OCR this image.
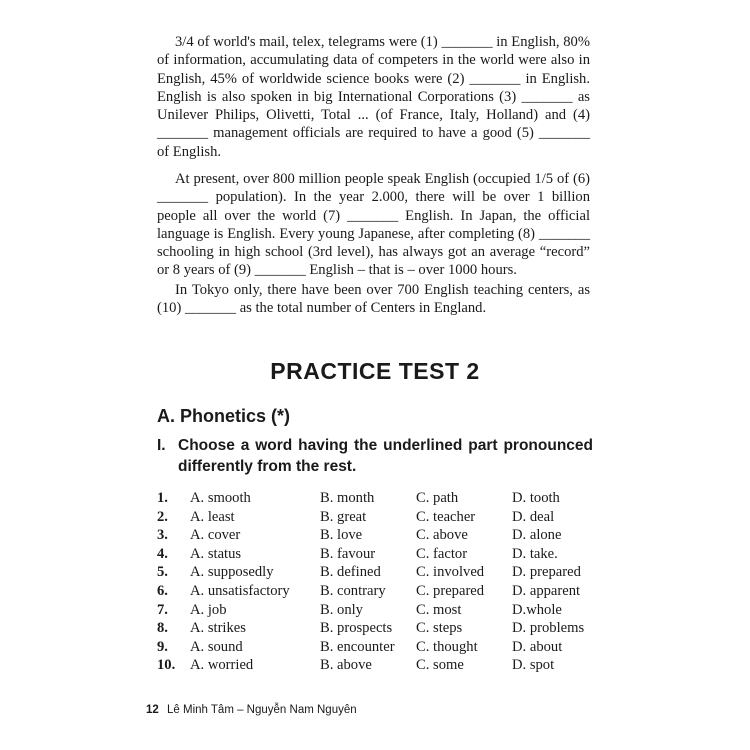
3/4 of world's mail, telex, telegrams were (1) _______ in English, 80% of information, accumulating data of competers in the world were also in English, 45% of worldwide science books were (2) _______ in English. English is also spoken in big International Corporations (3) _______ as Unilever Philips, Olivetti, Total ... (of France, Italy, Holland) and (4) _______ management officials are required to have a good (5) _______ of English.

At present, over 800 million people speak English (occupied 1/5 of (6) _______ population). In the year 2.000, there will be over 1 billion people all over the world (7) _______ English. In Japan, the official language is English. Every young Japanese, after completing (8) _______ schooling in high school (3rd level), has always got an average “record” or 8 years of (9) _______ English – that is – over 1000 hours.

In Tokyo only, there have been over 700 English teaching centers, as (10) _______ as the total number of Centers in England.

PRACTICE TEST 2
A. Phonetics (*)
I. Choose a word having the underlined part pronounced differently from the rest.
1. A. smooth	B. month	C. path	D. tooth
2. A. least	B. great	C. teacher	D. deal
3. A. cover	B. love	C. above	D. alone
4. A. status	B. favour	C. factor	D. take.
5. A. supposedly	B. defined C. involved D. prepared
6. A. unsatisfactory B. contrary C. prepared D. apparent
7. A. job	B. only	C. most	D.whole
8. A. strikes	B. prospects C. steps	D. problems
9. A. sound	B. encounter C. thought D. about
10. A. worried	B. above	C. some	D. spot
12 Lê Minh Tâm – Nguyễn Nam Nguyên
